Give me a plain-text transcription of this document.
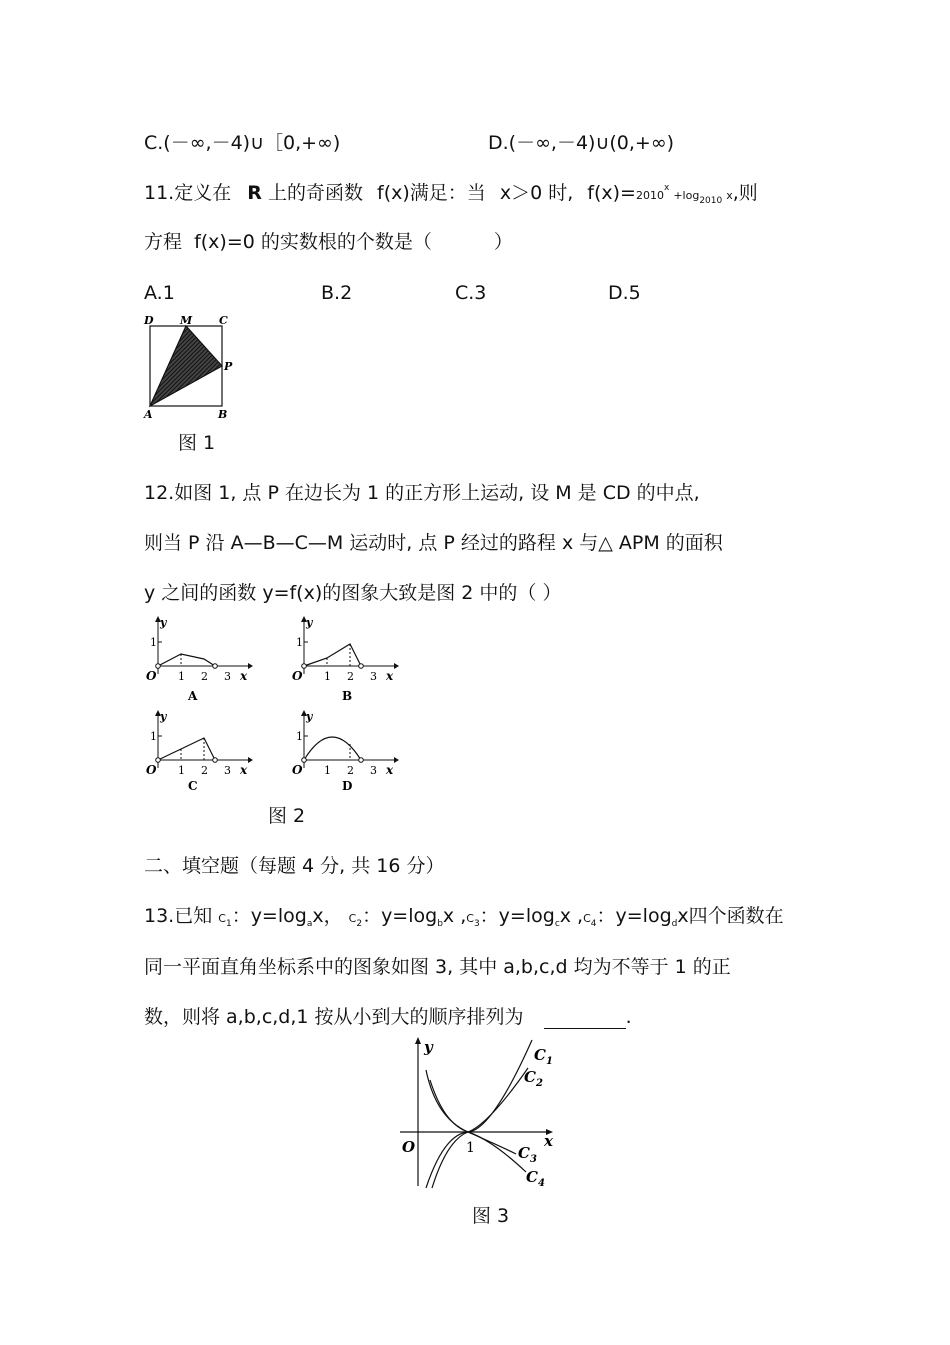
C.(－∞,－4)∪［0,+∞)	D.(－∞,－4)∪(0,+∞)
11.定义在 R 上的奇函数 f(x)满足：当 x＞0 时, $f(x)=2010^x+\log_{2010}$ x,则
方程 f(x)=0 的实数根的个数是（	）
A.1	B.2	C.3	D.5
D M C
P
A	B
图 1
12.如图 1, 点 P 在边长为 1 的正方形上运动, 设 M 是 CD 的中点,
则当 P 沿 A—B—C—M 运动时, 点 P 经过的路程 x 与△ APM 的面积
y 之间的函数 y=f(x)的图象大致是图 2 中的（ ）
y
1
O 1 2 3 x
A
y
1
O 1 2 3 x
B
y
1
O 1 2 3 x
C
y
1
O 1 2 3 x
D
图 2
二、填空题（每题 4 分, 共 16 分）
13.已知 $C_1$：$y=\log_ax$， $C_2$：$y=\log_bx$ $,C_3$：$y=\log_cx$ $,C_4$：$y=\log_dx$四个函数在
同一平面直角坐标系中的图象如图 3, 其中 a,b,c,d 均为不等于 1 的正
数，则将 a,b,c,d,1 按从小到大的顺序排列为	.
y
x
O	1
$C_1$
$C_2$
$C_3$
$C_4$
图 3
